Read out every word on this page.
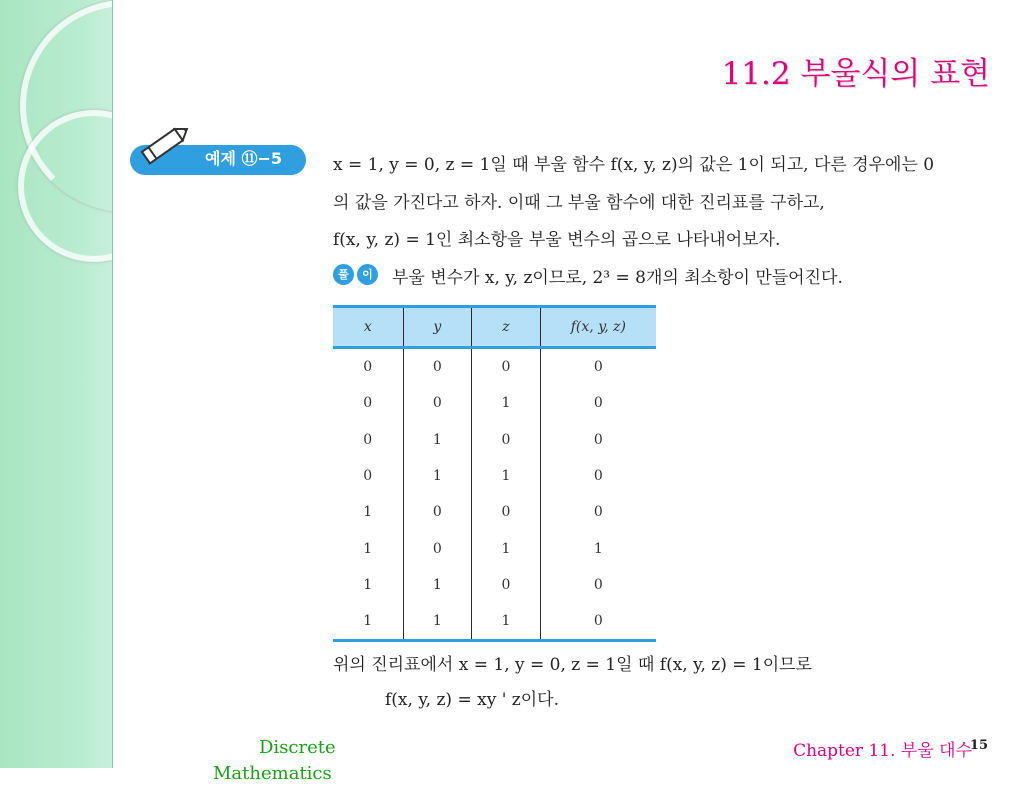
11.2 부울식의 표현
예제 ⑪−5	x = 1, y = 0, z = 1일 때 부울 함수 f(x, y, z)의 값은 1이 되고, 다른 경우에는 0
의 값을 가진다고 하자. 이때 그 부울 함수에 대한 진리표를 구하고,
f(x, y, z) = 1인 최소항을 부울 변수의 곱으로 나타내어보자.
풀	이	부울 변수가 x, y, z이므로, 2³ = 8개의 최소항이 만들어진다.
x	y	z	f(x, y, z)
0	0	0	0
0	0	1	0
0	1	0	0
0	1	1	0
1	0	0	0
1	0	1	1
1	1	0	0
1	1	1	0
위의 진리표에서 x = 1, y = 0, z = 1일 때 f(x, y, z) = 1이므로
f(x, y, z) = xy ' z이다.
Discrete
Mathematics
Chapter 11. 부울 대수
15
